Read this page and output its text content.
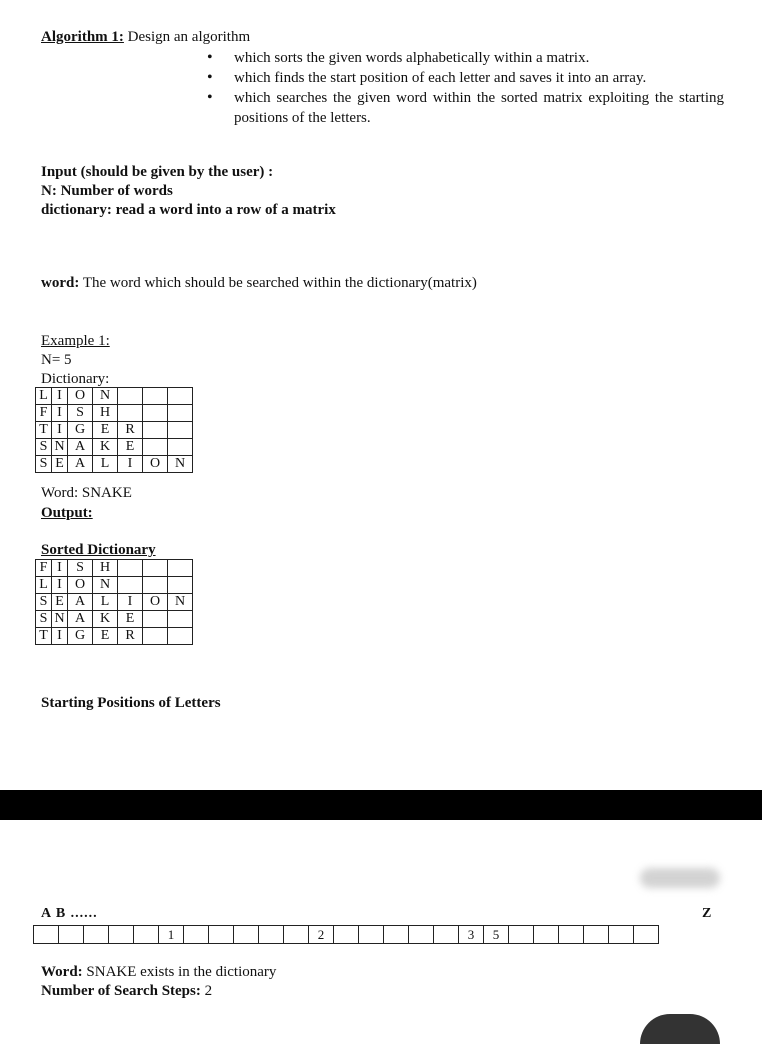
Algorithm 1: Design an algorithm
• which sorts the given words alphabetically within a matrix.
• which finds the start position of each letter and saves it into an array.
• which searches the given word within the sorted matrix exploiting the starting positions of the letters.
Input (should be given by the user) :
N: Number of words
dictionary: read a word into a row of a matrix
word: The word which should be searched within the dictionary(matrix)
Example 1:
N= 5
Dictionary:
L	I	O	N			
F	I	S	H			
T	I	G	E	R		
S	N	A	K	E		
S	E	A	L	I	O	N
Word: SNAKE
Output:
Sorted Dictionary
F	I	S	H			
L	I	O	N			
S	E	A	L	I	O	N
S	N	A	K	E		
T	I	G	E	R		
Starting Positions of Letters
A B ......	Z
					1						2						3	5						
Word: SNAKE exists in the dictionary
Number of Search Steps: 2
